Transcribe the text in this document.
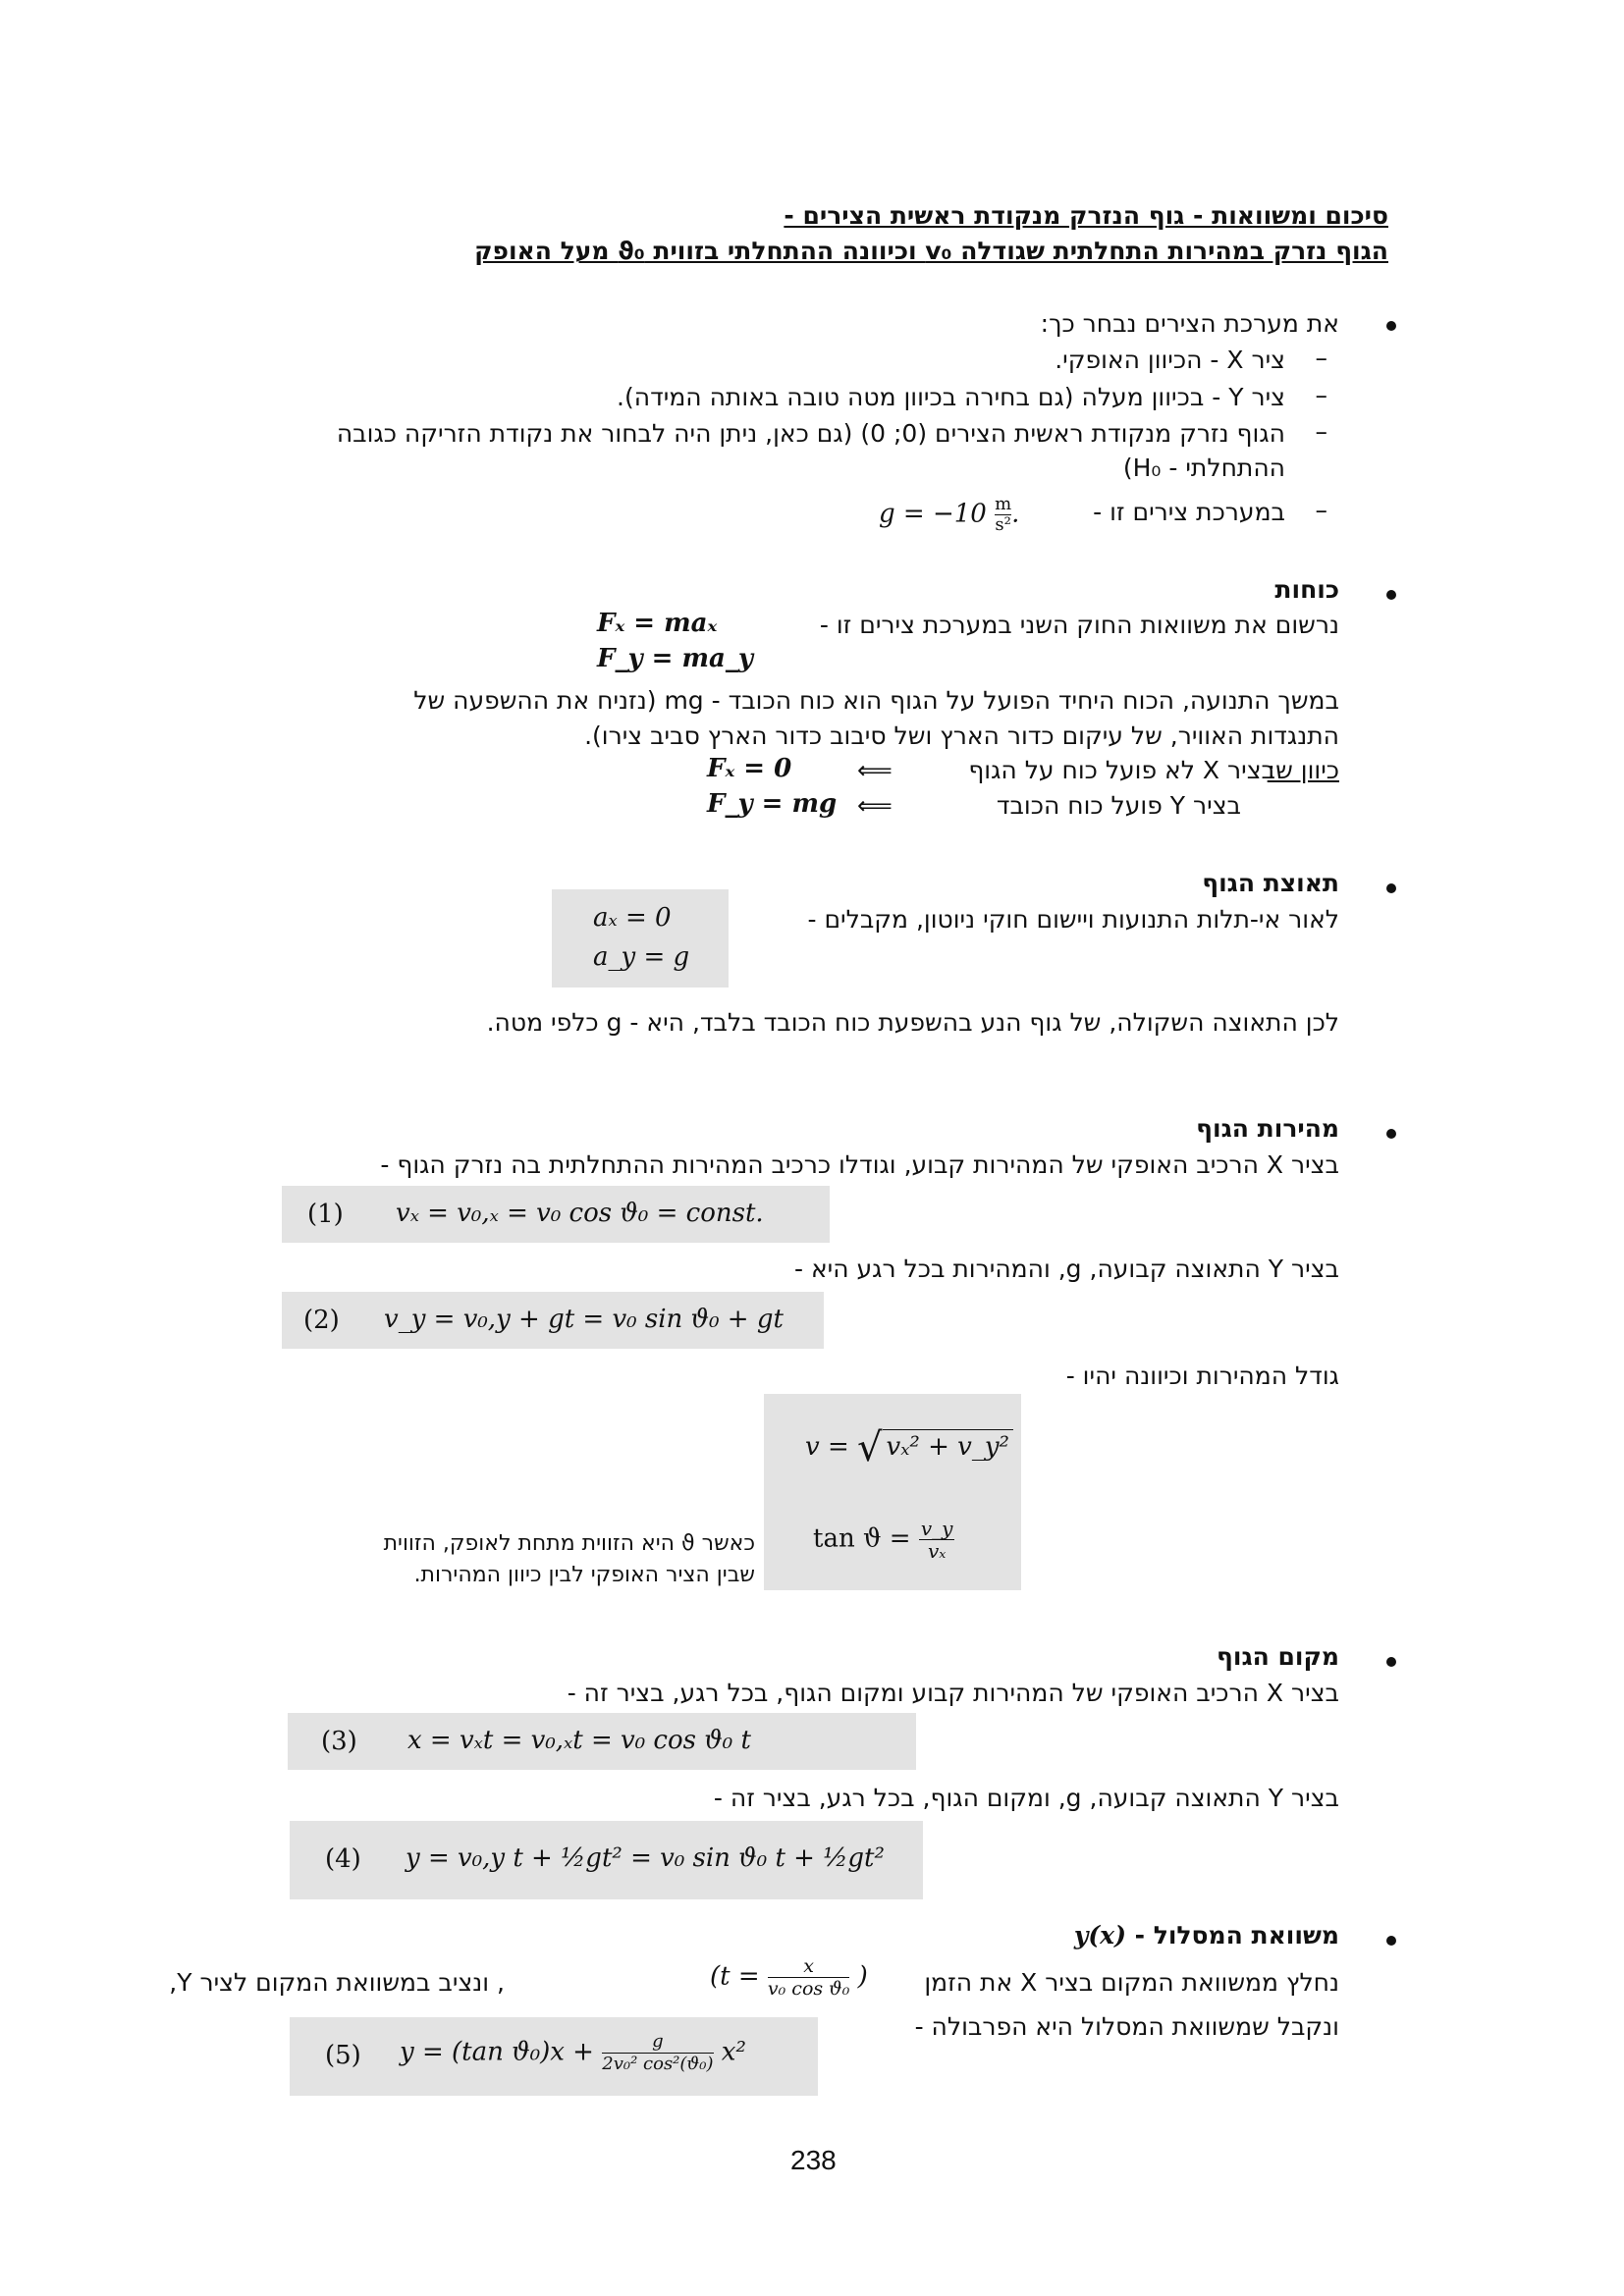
סיכום ומשוואות - גוף הנזרק מנקודת ראשית הצירים -
הגוף נזרק במהירות התחלתית שגודלה v₀ וכיוונה ההתחלתי בזווית ϑ₀ מעל האופק
את מערכת הצירים נבחר כך:
–
ציר X - הכיוון האופקי.
–
ציר Y - בכיוון מעלה (גם בחירה בכיוון מטה טובה באותה המידה).
–
הגוף נזרק מנקודת ראשית הצירים (0; 0) (גם כאן, ניתן היה לבחור את נקודת הזריקה כגובה
ההתחלתי - H₀)
–
במערכת צירים זו -
$g = -10 \frac{m}{\text{s²}}$ .
כוחות
נרשום את משוואות החוק השני במערכת צירים זו -
Fₓ = maₓ
F_y = ma_y
במשך התנועה, הכוח היחיד הפועל על הגוף הוא כוח הכובד - mg (נזניח את ההשפעה של
התנגדות האוויר, של עיקום כדור הארץ ושל סיבוב כדור הארץ סביב צירו).
כיוון ש:
בציר X לא פועל כוח על הגוף
⟸
Fₓ = 0
בציר Y פועל כוח הכובד
⟸
F_y = mg
תאוצת הגוף
לאור אי-תלות התנועות ויישום חוקי ניוטון, מקבלים -
aₓ = 0
a_y = g
לכן התאוצה השקולה, של גוף הנע בהשפעת כוח הכובד בלבד, היא - g כלפי מטה.
מהירות הגוף
בציר X הרכיב האופקי של המהירות קבוע, וגודלו כרכיב המהירות ההתחלתית בה נזרק הגוף -
(1) vₓ = v₀,ₓ = v₀ cos ϑ₀ = const.
בציר Y התאוצה קבועה, g, והמהירות בכל רגע היא -
(2) v_y = v₀,y + gt = v₀ sin ϑ₀ + gt
גודל המהירות וכיוונה יהיו -
v = √ vₓ² + v_y²
$\tan ϑ = \frac{v\_y}{\text{vₓ}}$
כאשר ϑ היא הזווית מתחת לאופק, הזווית
שבין הציר האופקי לבין כיוון המהירות.
מקום הגוף
בציר X הרכיב האופקי של המהירות קבוע ומקום הגוף, בכל רגע, בציר זה -
(3) x = vₓt = v₀,ₓt = v₀ cos ϑ₀ t
בציר Y התאוצה קבועה, g, ומקום הגוף, בכל רגע, בציר זה -
(4) y = v₀,y t + ½gt² = v₀ sin ϑ₀ t + ½gt²
משוואת המסלול - y(x)
נחלץ ממשוואת המקום בציר X את הזמן
($t = \frac{x}{\text{v₀ cos ϑ₀}}$ )
, ונציב במשוואת המקום לציר Y,
ונקבל שמשוואת המסלול היא הפרבולה -
(5) y = (tan $ϑ_0)x + \frac{g}{\text{2v₀² cos²(ϑ₀)}} x^2$
238
